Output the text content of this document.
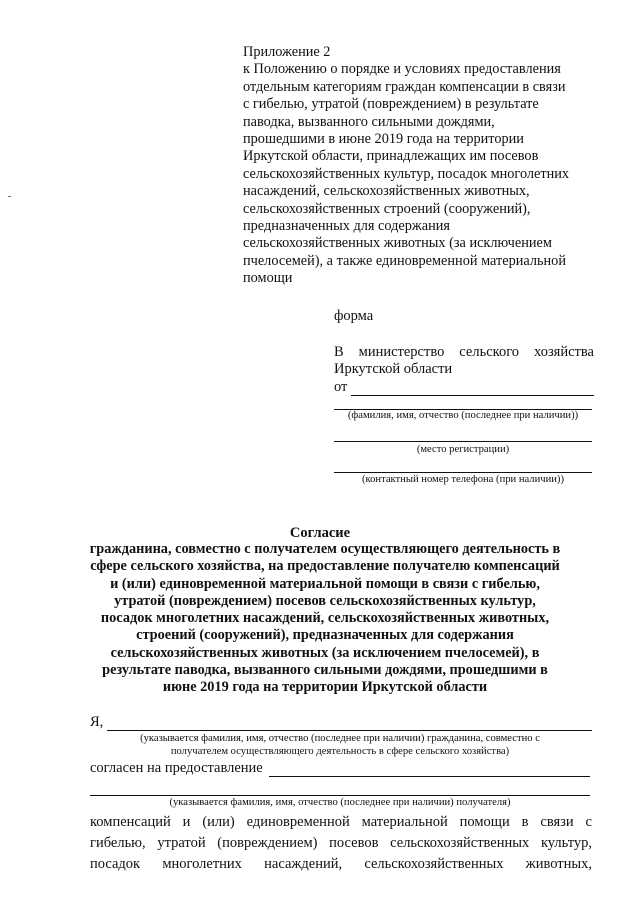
Приложение 2
к Положению о порядке и условиях предоставления
отдельным категориям граждан компенсации в связи
с гибелью, утратой (повреждением) в результате
паводка, вызванного сильными дождями,
прошедшими в июне 2019 года на территории
Иркутской области, принадлежащих им посевов
сельскохозяйственных культур, посадок многолетних
насаждений, сельскохозяйственных животных,
сельскохозяйственных строений (сооружений),
предназначенных для содержания
сельскохозяйственных животных (за исключением
пчелосемей), а также единовременной материальной
помощи
форма
В министерство сельского хозяйства
Иркутской области
от
(фамилия, имя, отчество (последнее при наличии))
(место регистрации)
(контактный номер телефона (при наличии))
Согласие
гражданина, совместно с получателем осуществляющего деятельность в
сфере сельского хозяйства, на предоставление получателю компенсаций
и (или) единовременной материальной помощи в связи с гибелью,
утратой (повреждением) посевов сельскохозяйственных культур,
посадок многолетних насаждений, сельскохозяйственных животных,
строений (сооружений), предназначенных для содержания
сельскохозяйственных животных (за исключением пчелосемей), в
результате паводка, вызванного сильными дождями, прошедшими в
июне 2019 года на территории Иркутской области
Я,
(указывается фамилия, имя, отчество (последнее при наличии) гражданина, совместно с
получателем осуществляющего деятельность в сфере сельского хозяйства)
согласен на предоставление
(указывается фамилия, имя, отчество (последнее при наличии) получателя)
компенсаций и (или) единовременной материальной помощи в связи с
гибелью, утратой (повреждением) посевов сельскохозяйственных культур,
посадок многолетних насаждений, сельскохозяйственных животных,
